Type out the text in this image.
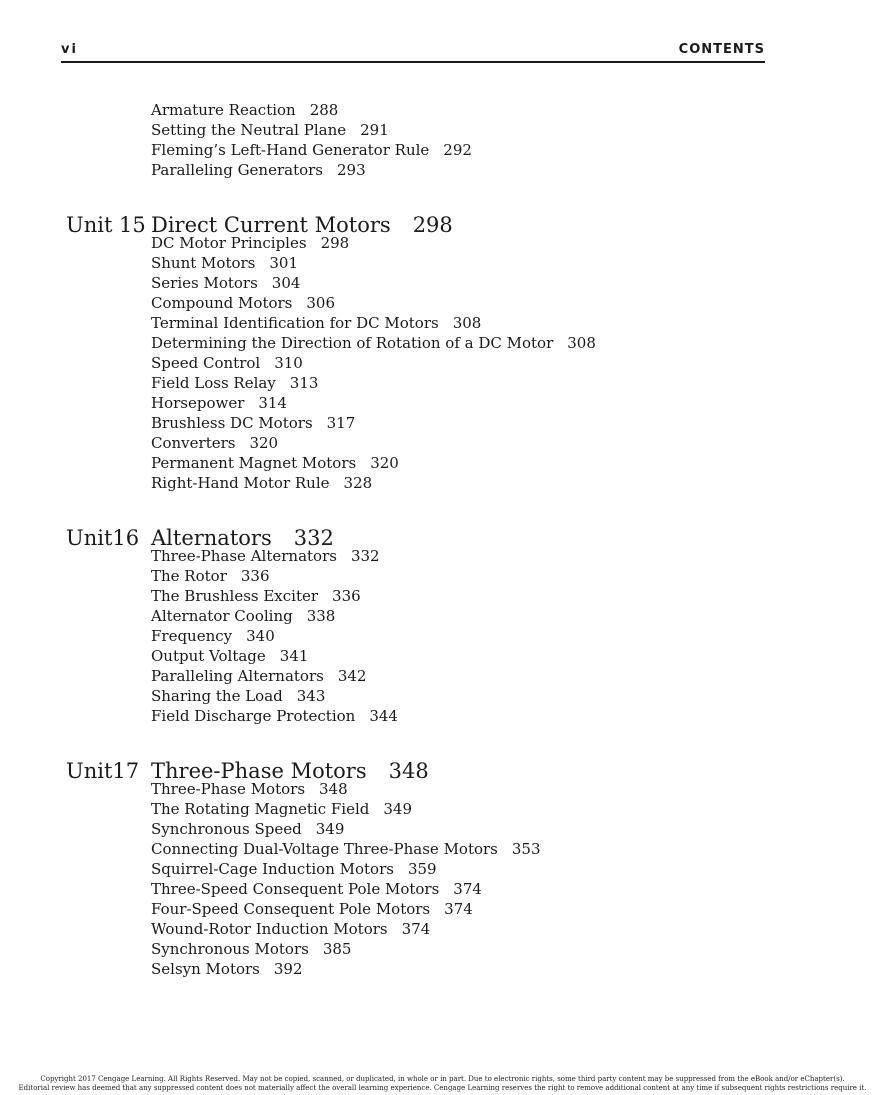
vi	CONTENTS
Armature Reaction 288
Setting the Neutral Plane 291
Fleming’s Left-Hand Generator Rule 292
Paralleling Generators 293
Unit 15 Direct Current Motors 298
DC Motor Principles 298
Shunt Motors 301
Series Motors 304
Compound Motors 306
Terminal Identification for DC Motors 308
Determining the Direction of Rotation of a DC Motor 308
Speed Control 310
Field Loss Relay 313
Horsepower 314
Brushless DC Motors 317
Converters 320
Permanent Magnet Motors 320
Right-Hand Motor Rule 328
Unit16 Alternators 332
Three-Phase Alternators 332
The Rotor 336
The Brushless Exciter 336
Alternator Cooling 338
Frequency 340
Output Voltage 341
Paralleling Alternators 342
Sharing the Load 343
Field Discharge Protection 344
Unit17 Three-Phase Motors 348
Three-Phase Motors 348
The Rotating Magnetic Field 349
Synchronous Speed 349
Connecting Dual-Voltage Three-Phase Motors 353
Squirrel-Cage Induction Motors 359
Three-Speed Consequent Pole Motors 374
Four-Speed Consequent Pole Motors 374
Wound-Rotor Induction Motors 374
Synchronous Motors 385
Selsyn Motors 392
Copyright 2017 Cengage Learning. All Rights Reserved. May not be copied, scanned, or duplicated, in whole or in part. Due to electronic rights, some third party content may be suppressed from the eBook and/or eChapter(s).
Editorial review has deemed that any suppressed content does not materially affect the overall learning experience. Cengage Learning reserves the right to remove additional content at any time if subsequent rights restrictions require it.
